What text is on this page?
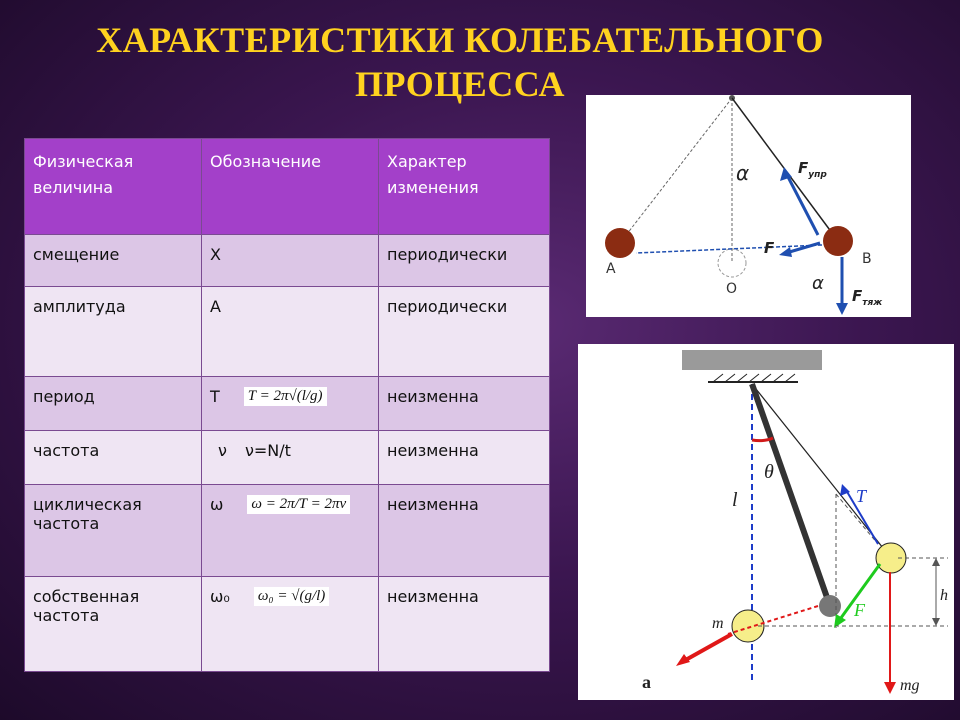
ХАРАКТЕРИСТИКИ КОЛЕБАТЕЛЬНОГО
ПРОЦЕССА
Физическая величина	Обозначение	Характер изменения
смещение	X	периодически
амплитуда	A	периодически
период	T T = 2π√(l/g)	неизменна
частота	ν ν=N/t	неизменна
циклическая частота	ω ω = 2π/T = 2πν	неизменна
собственная частота	ω₀ ω₀ = √(g/l)	неизменна
A
O
B
α
α
$F_{упр}$
F
$F_{тяж}$
l
θ
T
h
m
F
a	mg
